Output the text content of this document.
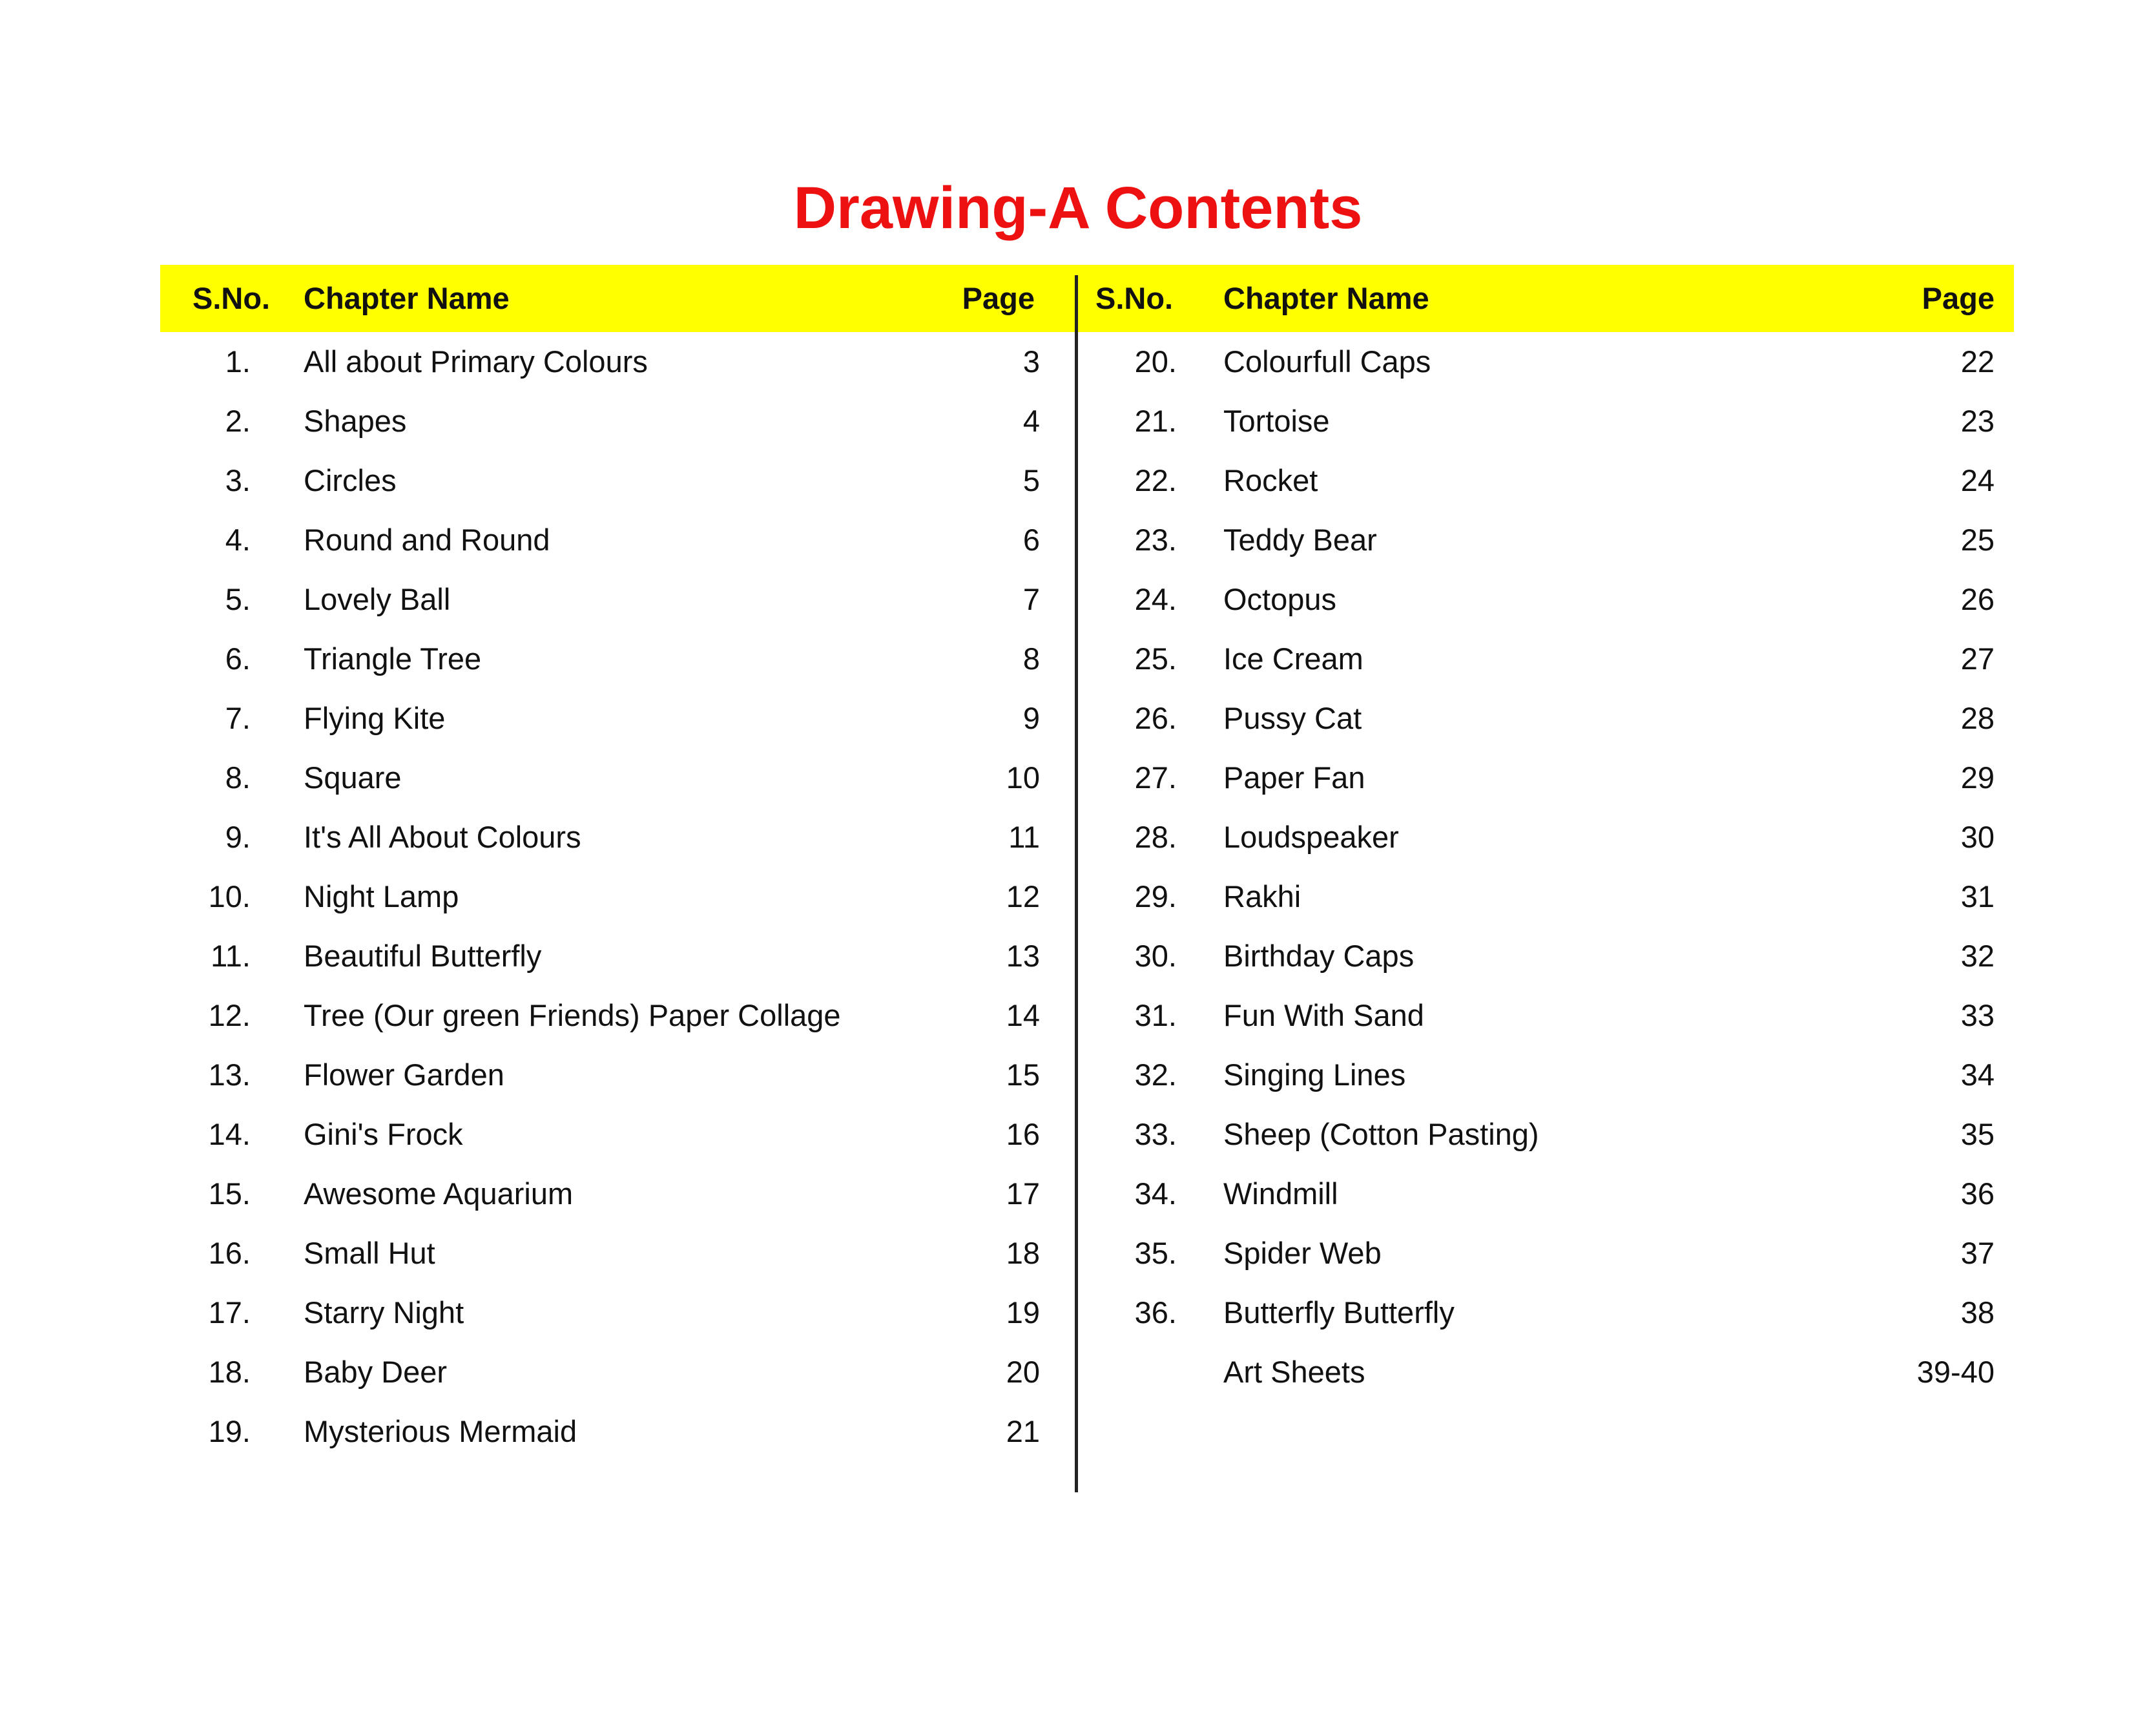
Drawing-A Contents
S.No. Chapter Name	Page
1. All about Primary Colours	3
2. Shapes	4
3. Circles	5
4. Round and Round	6
5. Lovely Ball	7
6. Triangle Tree	8
7. Flying Kite	9
8. Square	10
9. It's All About Colours	11
10. Night Lamp	12
11. Beautiful Butterfly	13
12. Tree (Our green Friends) Paper Collage	14
13. Flower Garden	15
14. Gini's Frock	16
15. Awesome Aquarium	17
16. Small Hut	18
17. Starry Night	19
18. Baby Deer	20
19. Mysterious Mermaid	21
S.No. Chapter Name	Page
20. Colourfull Caps	22
21. Tortoise	23
22. Rocket	24
23. Teddy Bear	25
24. Octopus	26
25. Ice Cream	27
26. Pussy Cat	28
27. Paper Fan	29
28. Loudspeaker	30
29. Rakhi	31
30. Birthday Caps	32
31. Fun With Sand	33
32. Singing Lines	34
33. Sheep (Cotton Pasting)	35
34. Windmill	36
35. Spider Web	37
36. Butterfly Butterfly	38
Art Sheets	39-40
